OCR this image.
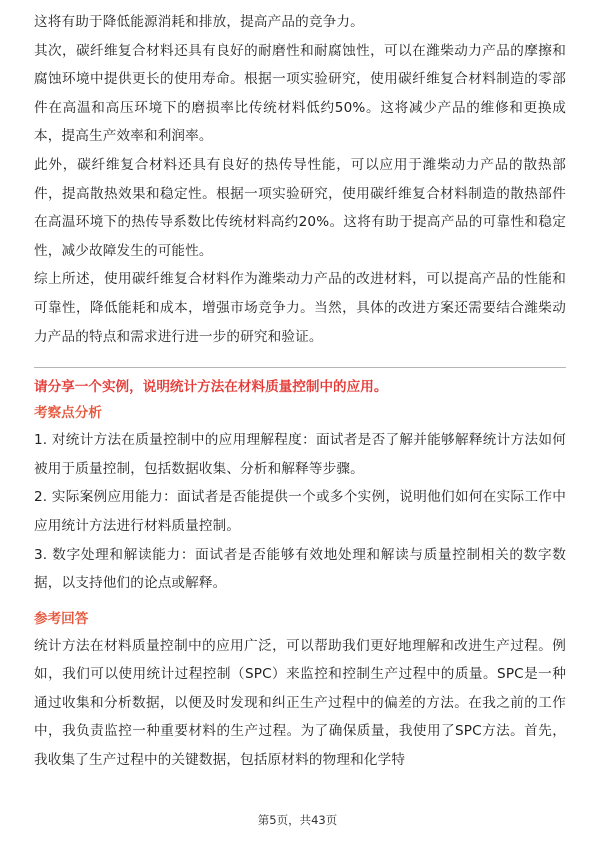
这将有助于降低能源消耗和排放，提高产品的竞争力。

其次，碳纤维复合材料还具有良好的耐磨性和耐腐蚀性，可以在潍柴动力产品的摩擦和腐蚀环境中提供更长的使用寿命。根据一项实验研究，使用碳纤维复合材料制造的零部件在高温和高压环境下的磨损率比传统材料低约50%。这将减少产品的维修和更换成本，提高生产效率和利润率。

此外，碳纤维复合材料还具有良好的热传导性能，可以应用于潍柴动力产品的散热部件，提高散热效果和稳定性。根据一项实验研究，使用碳纤维复合材料制造的散热部件在高温环境下的热传导系数比传统材料高约20%。这将有助于提高产品的可靠性和稳定性，减少故障发生的可能性。

综上所述，使用碳纤维复合材料作为潍柴动力产品的改进材料，可以提高产品的性能和可靠性，降低能耗和成本，增强市场竞争力。当然，具体的改进方案还需要结合潍柴动力产品的特点和需求进行进一步的研究和验证。

请分享一个实例，说明统计方法在材料质量控制中的应用。

考察点分析

1. 对统计方法在质量控制中的应用理解程度：面试者是否了解并能够解释统计方法如何被用于质量控制，包括数据收集、分析和解释等步骤。

2. 实际案例应用能力：面试者是否能提供一个或多个实例，说明他们如何在实际工作中应用统计方法进行材料质量控制。

3. 数字处理和解读能力：面试者是否能够有效地处理和解读与质量控制相关的数字数据，以支持他们的论点或解释。

参考回答

统计方法在材料质量控制中的应用广泛，可以帮助我们更好地理解和改进生产过程。例如，我们可以使用统计过程控制（SPC）来监控和控制生产过程中的质量。SPC是一种通过收集和分析数据，以便及时发现和纠正生产过程中的偏差的方法。在我之前的工作中，我负责监控一种重要材料的生产过程。为了确保质量，我使用了SPC方法。首先，我收集了生产过程中的关键数据，包括原材料的物理和化学特

第5页，共43页
